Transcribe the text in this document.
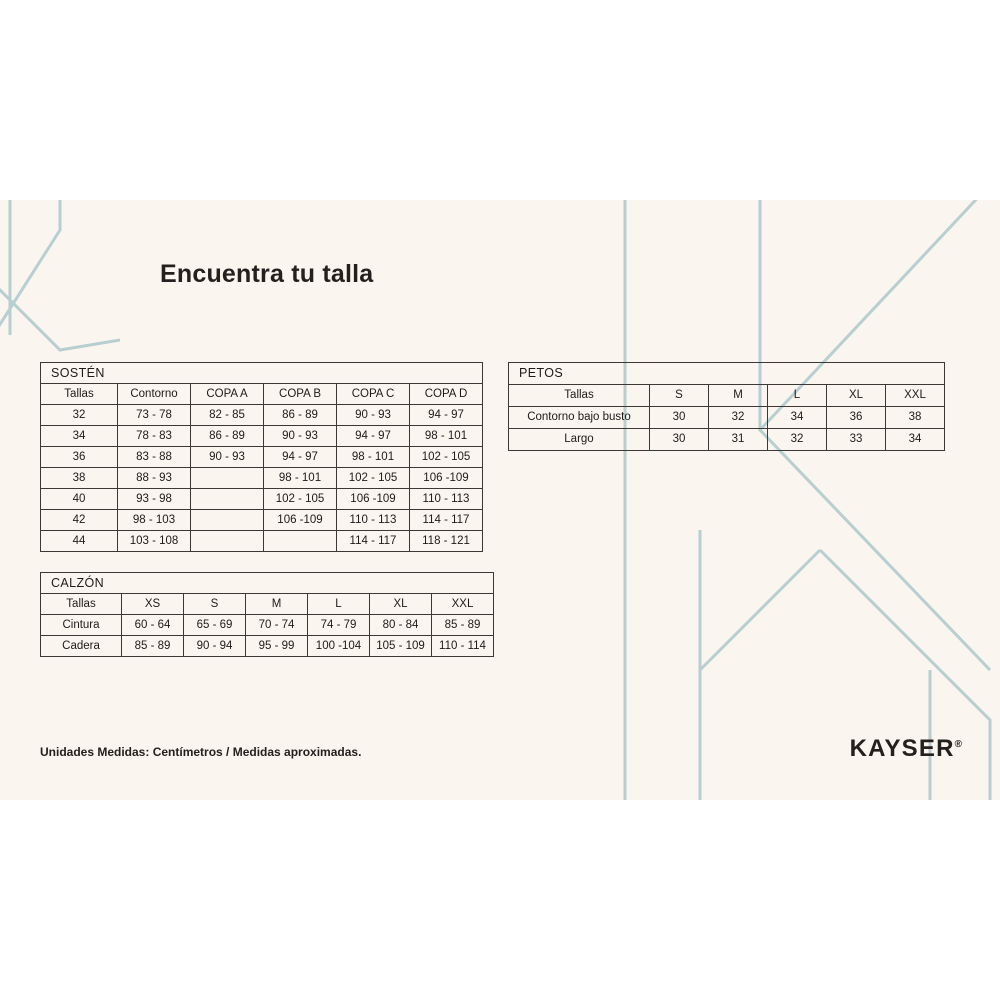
Encuentra tu talla
SOSTÉN					
Tallas	Contorno	COPA A	COPA B	COPA C	COPA D
32	73 - 78	82 - 85	86 - 89	90 - 93	94 - 97
34	78 - 83	86 - 89	90 - 93	94 - 97	98 - 101
36	83 - 88	90 - 93	94 - 97	98 - 101	102 - 105
38	88 - 93		98 - 101	102 - 105	106 -109
40	93 - 98		102 - 105	106 -109	110 - 113
42	98 - 103		106 -109	110 - 113	114 - 117
44	103 - 108			114 - 117	118 - 121
CALZÓN						
Tallas	XS	S	M	L	XL	XXL
Cintura	60 - 64	65 - 69	70 - 74	74 - 79	80 - 84	85 - 89
Cadera	85 - 89	90 - 94	95 - 99	100 -104	105 - 109	110 - 114
PETOS					
Tallas	S	M	L	XL	XXL
Contorno bajo busto	30	32	34	36	38
Largo	30	31	32	33	34
Unidades Medidas: Centímetros / Medidas aproximadas.	KAYSER®
